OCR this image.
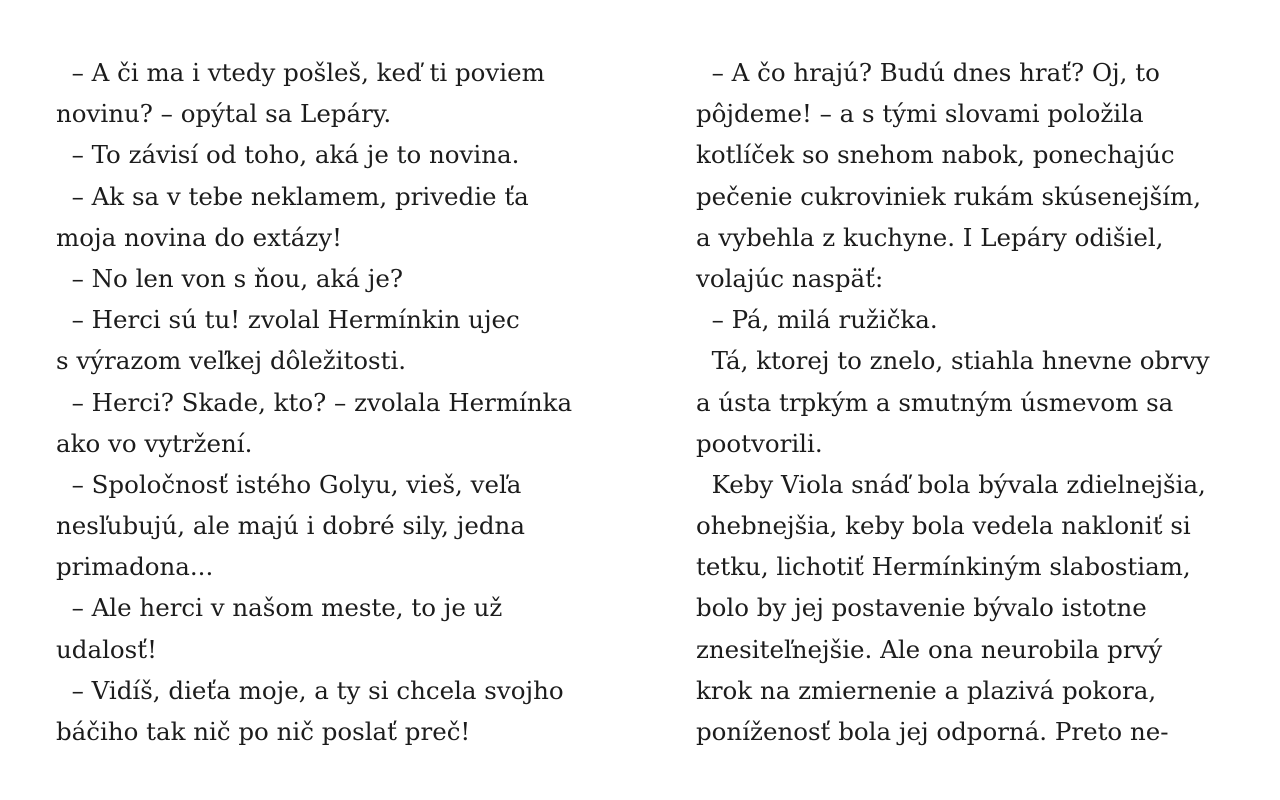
– A či ma i vtedy pošleš, keď ti poviem
novinu? – opýtal sa Lepáry.
– To závisí od toho, aká je to novina.
– Ak sa v tebe neklamem, privedie ťa
moja novina do extázy!
– No len von s ňou, aká je?
– Herci sú tu! zvolal Hermínkin ujec
s výrazom veľkej dôležitosti.
– Herci? Skade, kto? – zvolala Hermínka
ako vo vytržení.
– Spoločnosť istého Golyu, vieš, veľa
nesľubujú, ale majú i dobré sily, jedna
primadona...
– Ale herci v našom meste, to je už
udalosť!
– Vidíš, dieťa moje, a ty si chcela svojho
báčiho tak nič po nič poslať preč!
– A čo hrajú? Budú dnes hrať? Oj, to
pôjdeme! – a s tými slovami položila
kotlíček so snehom nabok, ponechajúc
pečenie cukroviniek rukám skúsenejším,
a vybehla z kuchyne. I Lepáry odišiel,
volajúc naspäť:
– Pá, milá ružička.
Tá, ktorej to znelo, stiahla hnevne obrvy
a ústa trpkým a smutným úsmevom sa
pootvorili.
Keby Viola snáď bola bývala zdielnejšia,
ohebnejšia, keby bola vedela nakloniť si
tetku, lichotiť Hermínkiným slabostiam,
bolo by jej postavenie bývalo istotne
znesiteľnejšie. Ale ona neurobila prvý
krok na zmiernenie a plazivá pokora,
poníženosť bola jej odporná. Preto ne-
